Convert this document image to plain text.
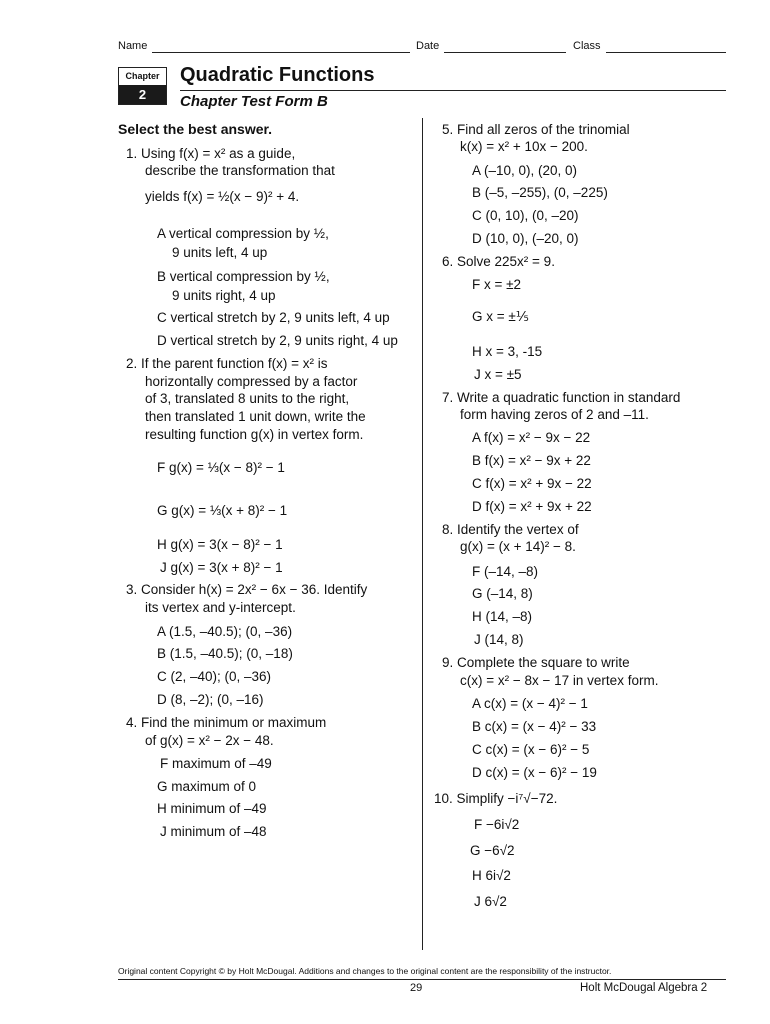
Name	Date	Class
Chapter
2
Quadratic Functions
Chapter Test Form B
Select the best answer.
1. Using f(x) = x² as a guide,
describe the transformation that
yields f(x) = ½(x − 9)² + 4.
A vertical compression by ½,
9 units left, 4 up
B vertical compression by ½,
9 units right, 4 up
C vertical stretch by 2, 9 units left, 4 up
D vertical stretch by 2, 9 units right, 4 up
2. If the parent function f(x) = x² is
horizontally compressed by a factor
of 3, translated 8 units to the right,
then translated 1 unit down, write the
resulting function g(x) in vertex form.
F g(x) = ⅓(x − 8)² − 1
G g(x) = ⅓(x + 8)² − 1
H g(x) = 3(x − 8)² − 1
J g(x) = 3(x + 8)² − 1
3. Consider h(x) = 2x² − 6x − 36. Identify
its vertex and y-intercept.
A (1.5, –40.5); (0, –36)
B (1.5, –40.5); (0, –18)
C (2, –40); (0, –36)
D (8, –2); (0, –16)
4. Find the minimum or maximum
of g(x) = x² − 2x − 48.
F maximum of –49
G maximum of 0
H minimum of –49
J minimum of –48
5. Find all zeros of the trinomial
k(x) = x² + 10x − 200.
A (–10, 0), (20, 0)
B (–5, –255), (0, –225)
C (0, 10), (0, –20)
D (10, 0), (–20, 0)
6. Solve 225x² = 9.
F x = ±2
G x = ±⅕
H x = 3, -15
J x = ±5
7. Write a quadratic function in standard
form having zeros of 2 and –11.
A f(x) = x² − 9x − 22
B f(x) = x² − 9x + 22
C f(x) = x² + 9x − 22
D f(x) = x² + 9x + 22
8. Identify the vertex of
g(x) = (x + 14)² − 8.
F (–14, –8)
G (–14, 8)
H (14, –8)
J (14, 8)
9. Complete the square to write
c(x) = x² − 8x − 17 in vertex form.
A c(x) = (x − 4)² − 1
B c(x) = (x − 4)² − 33
C c(x) = (x − 6)² − 5
D c(x) = (x − 6)² − 19
10. Simplify −i⁷√−72.
F −6i√2
G −6√2
H 6i√2
J 6√2
Original content Copyright © by Holt McDougal. Additions and changes to the original content are the responsibility of the instructor.
29	Holt McDougal Algebra 2
